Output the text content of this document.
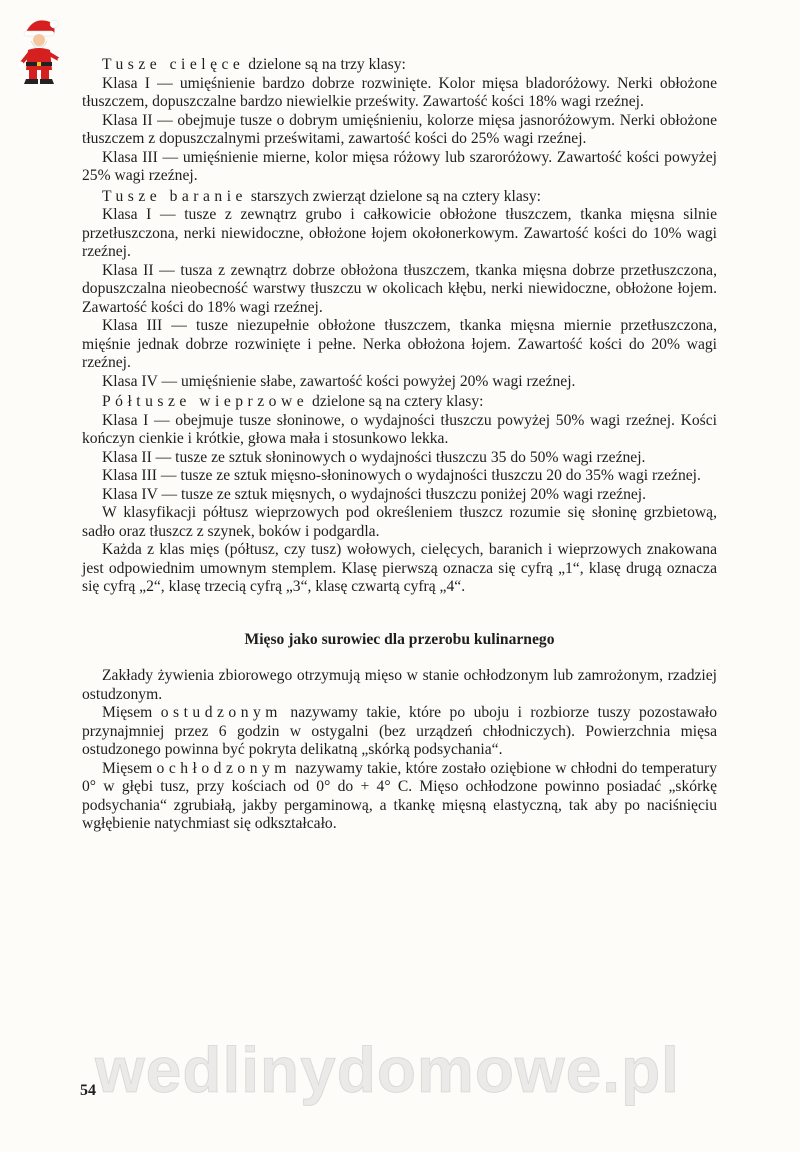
Tusze cielęce dzielone są na trzy klasy:

Klasa I — umięśnienie bardzo dobrze rozwinięte. Kolor mięsa bladoróżowy. Nerki obłożone tłuszczem, dopuszczalne bardzo niewielkie prześwity. Zawartość kości 18% wagi rzeźnej.

Klasa II — obejmuje tusze o dobrym umięśnieniu, kolorze mięsa jasnoróżowym. Nerki obłożone tłuszczem z dopuszczalnymi prześwitami, zawartość kości do 25% wagi rzeźnej.

Klasa III — umięśnienie mierne, kolor mięsa różowy lub szaroróżowy. Zawartość kości powyżej 25% wagi rzeźnej.

Tusze baranie starszych zwierząt dzielone są na cztery klasy:

Klasa I — tusze z zewnątrz grubo i całkowicie obłożone tłuszczem, tkanka mięsna silnie przetłuszczona, nerki niewidoczne, obłożone łojem okołonerkowym. Zawartość kości do 10% wagi rzeźnej.

Klasa II — tusza z zewnątrz dobrze obłożona tłuszczem, tkanka mięsna dobrze przetłuszczona, dopuszczalna nieobecność warstwy tłuszczu w okolicach kłębu, nerki niewidoczne, obłożone łojem. Zawartość kości do 18% wagi rzeźnej.

Klasa III — tusze niezupełnie obłożone tłuszczem, tkanka mięsna miernie przetłuszczona, mięśnie jednak dobrze rozwinięte i pełne. Nerka obłożona łojem. Zawartość kości do 20% wagi rzeźnej.

Klasa IV — umięśnienie słabe, zawartość kości powyżej 20% wagi rzeźnej.

Półtusze wieprzowe dzielone są na cztery klasy:

Klasa I — obejmuje tusze słoninowe, o wydajności tłuszczu powyżej 50% wagi rzeźnej. Kości kończyn cienkie i krótkie, głowa mała i stosunkowo lekka.

Klasa II — tusze ze sztuk słoninowych o wydajności tłuszczu 35 do 50% wagi rzeźnej.

Klasa III — tusze ze sztuk mięsno-słoninowych o wydajności tłuszczu 20 do 35% wagi rzeźnej.

Klasa IV — tusze ze sztuk mięsnych, o wydajności tłuszczu poniżej 20% wagi rzeźnej.

W klasyfikacji półtusz wieprzowych pod określeniem tłuszcz rozumie się słoninę grzbietową, sadło oraz tłuszcz z szynek, boków i podgardla.

Każda z klas mięs (półtusz, czy tusz) wołowych, cielęcych, baranich i wieprzowych znakowana jest odpowiednim umownym stemplem. Klasę pierwszą oznacza się cyfrą „1“, klasę drugą oznacza się cyfrą „2“, klasę trzecią cyfrą „3“, klasę czwartą cyfrą „4“.

Mięso jako surowiec dla przerobu kulinarnego

Zakłady żywienia zbiorowego otrzymują mięso w stanie ochłodzonym lub zamrożonym, rzadziej ostudzonym.

Mięsem ostudzonym nazywamy takie, które po uboju i rozbiorze tuszy pozostawało przynajmniej przez 6 godzin w ostygalni (bez urządzeń chłodniczych). Powierzchnia mięsa ostudzonego powinna być pokryta delikatną „skórką podsychania“.

Mięsem ochłodzonym nazywamy takie, które zostało oziębione w chłodni do temperatury 0° w głębi tusz, przy kościach od 0° do + 4° C. Mięso ochłodzone powinno posiadać „skórkę podsychania“ zgrubiałą, jakby pergaminową, a tkankę mięsną elastyczną, tak aby po naciśnięciu wgłębienie natychmiast się odkształcało.

wedlinydomowe.pl
54
